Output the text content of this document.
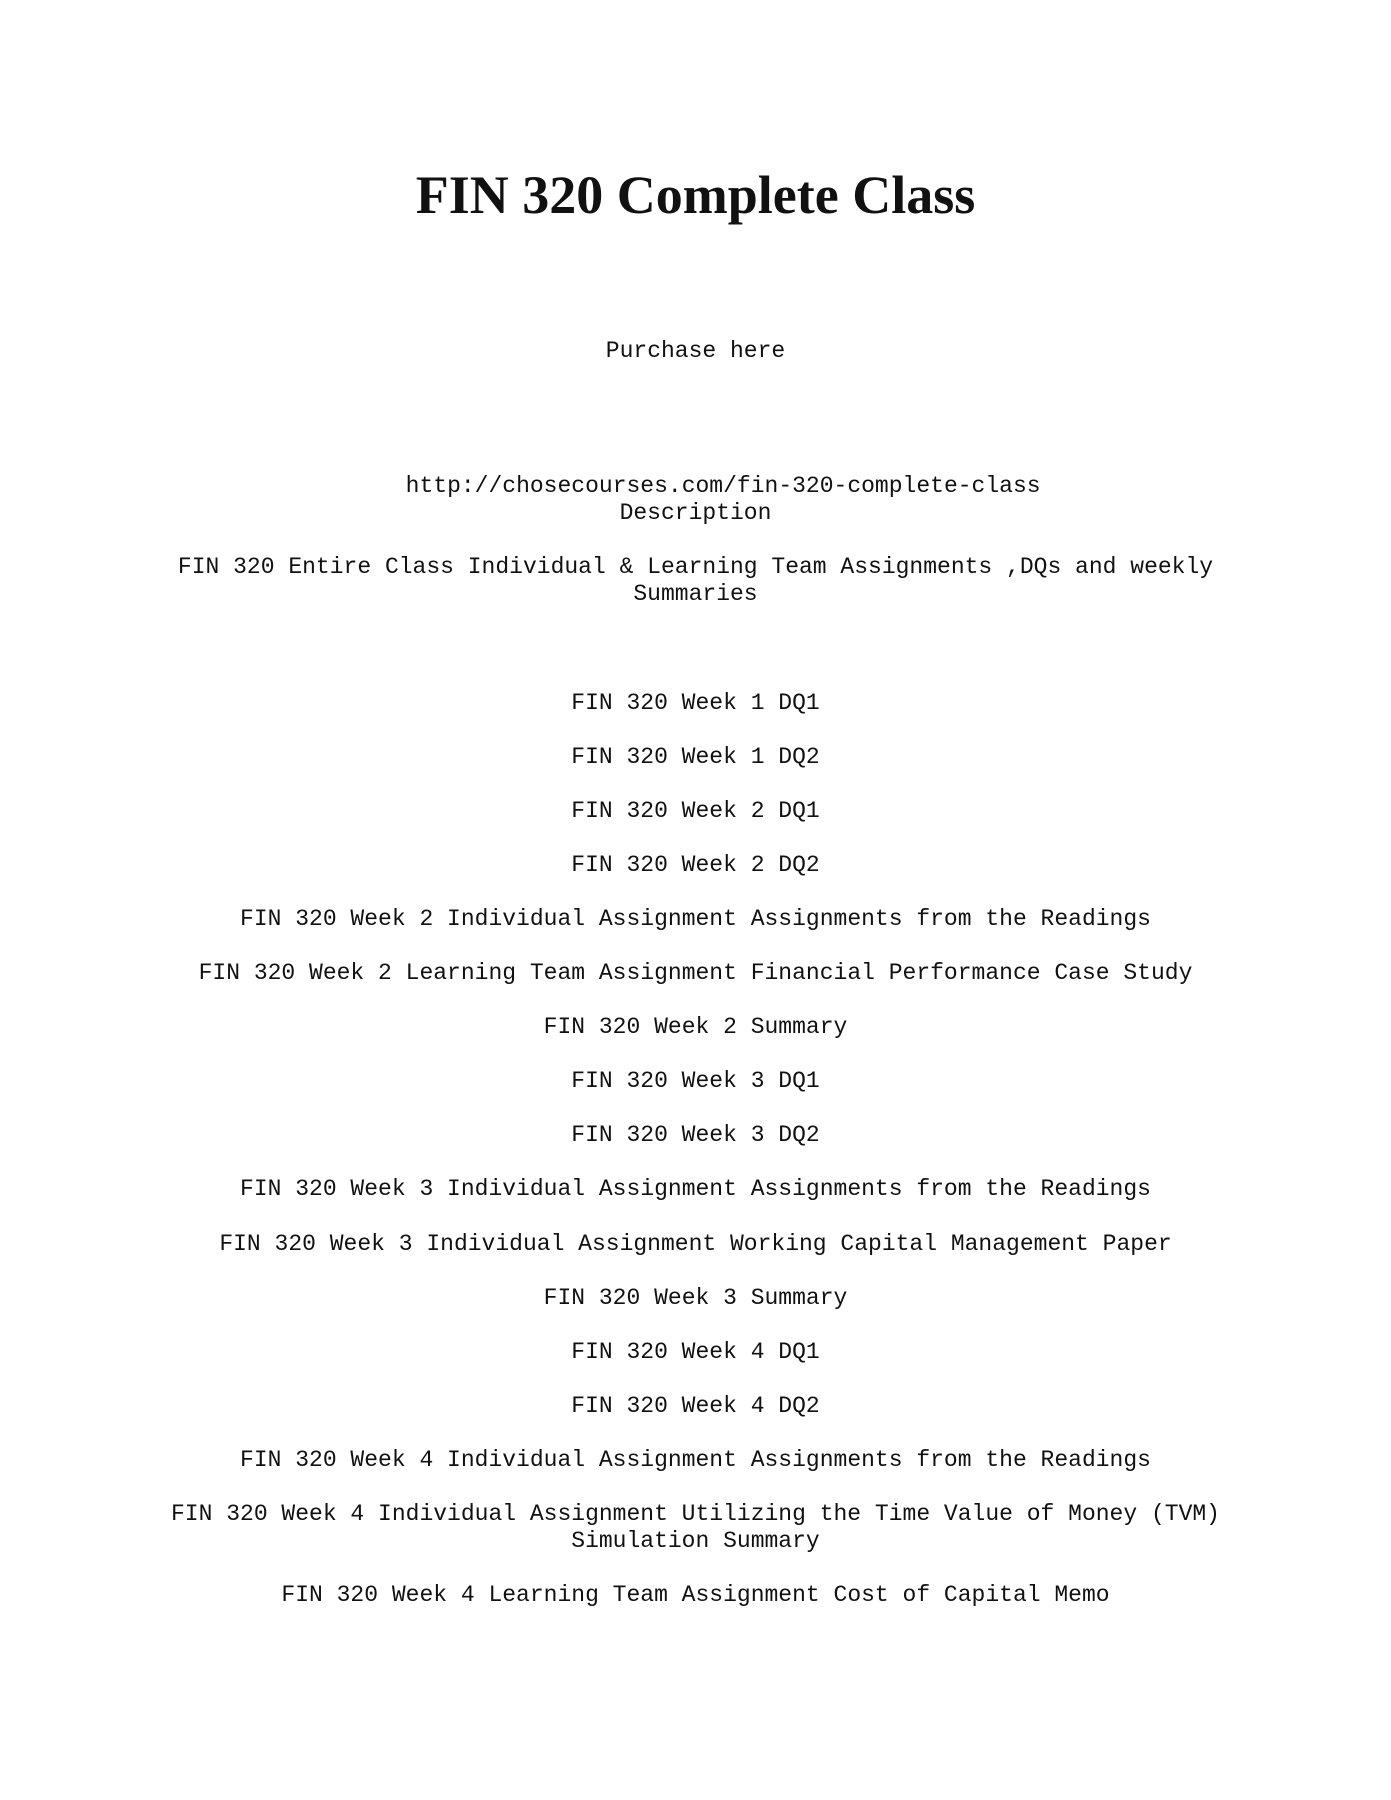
FIN 320 Complete Class

Purchase here

http://chosecourses.com/fin-320-complete-class

Description

FIN 320 Entire Class Individual & Learning Team Assignments ,DQs and weekly Summaries

FIN 320 Week 1 DQ1

FIN 320 Week 1 DQ2

FIN 320 Week 2 DQ1

FIN 320 Week 2 DQ2

FIN 320 Week 2 Individual Assignment Assignments from the Readings

FIN 320 Week 2 Learning Team Assignment Financial Performance Case Study

FIN 320 Week 2 Summary

FIN 320 Week 3 DQ1

FIN 320 Week 3 DQ2

FIN 320 Week 3 Individual Assignment Assignments from the Readings

FIN 320 Week 3 Individual Assignment Working Capital Management Paper

FIN 320 Week 3 Summary

FIN 320 Week 4 DQ1

FIN 320 Week 4 DQ2

FIN 320 Week 4 Individual Assignment Assignments from the Readings

FIN 320 Week 4 Individual Assignment Utilizing the Time Value of Money (TVM) Simulation Summary

FIN 320 Week 4 Learning Team Assignment Cost of Capital Memo
